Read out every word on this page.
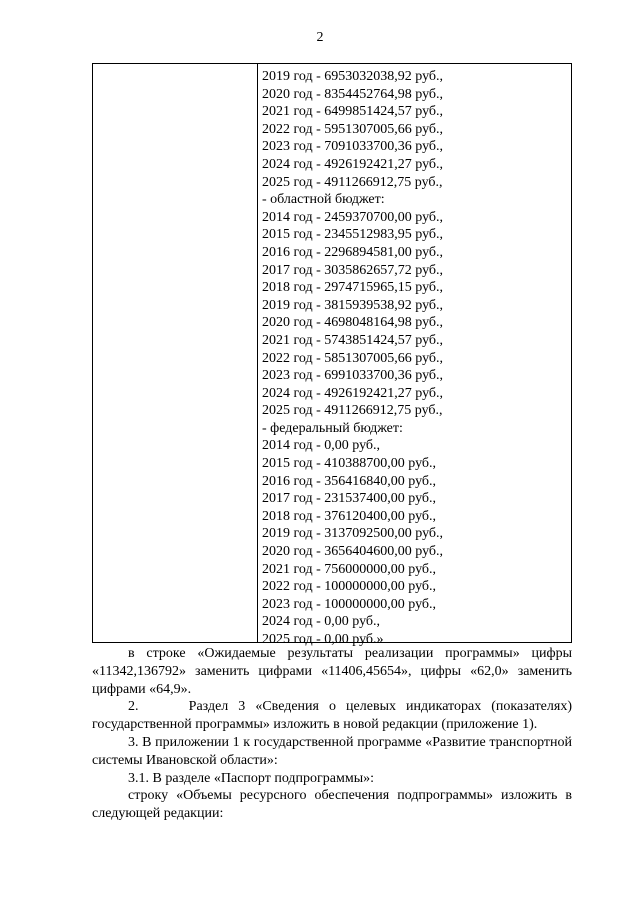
2
2019 год - 6953032038,92 руб.,
2020 год - 8354452764,98 руб.,
2021 год - 6499851424,57 руб.,
2022 год - 5951307005,66 руб.,
2023 год - 7091033700,36 руб.,
2024 год - 4926192421,27 руб.,
2025 год - 4911266912,75 руб.,
- областной бюджет:
2014 год - 2459370700,00 руб.,
2015 год - 2345512983,95 руб.,
2016 год - 2296894581,00 руб.,
2017 год - 3035862657,72 руб.,
2018 год - 2974715965,15 руб.,
2019 год - 3815939538,92 руб.,
2020 год - 4698048164,98 руб.,
2021 год - 5743851424,57 руб.,
2022 год - 5851307005,66 руб.,
2023 год - 6991033700,36 руб.,
2024 год - 4926192421,27 руб.,
2025 год - 4911266912,75 руб.,
- федеральный бюджет:
2014 год - 0,00 руб.,
2015 год - 410388700,00 руб.,
2016 год - 356416840,00 руб.,
2017 год - 231537400,00 руб.,
2018 год - 376120400,00 руб.,
2019 год - 3137092500,00 руб.,
2020 год - 3656404600,00 руб.,
2021 год - 756000000,00 руб.,
2022 год - 100000000,00 руб.,
2023 год - 100000000,00 руб.,
2024 год - 0,00 руб.,
2025 год - 0,00 руб.»

в строке «Ожидаемые результаты реализации программы» цифры «11342,136792» заменить цифрами «11406,45654», цифры «62,0» заменить цифрами «64,9».

2.     Раздел 3 «Сведения о целевых индикаторах (показателях) государственной программы» изложить в новой редакции (приложение 1).

3. В приложении 1 к государственной программе «Развитие транспортной системы Ивановской области»:

3.1. В разделе «Паспорт подпрограммы»:

строку «Объемы ресурсного обеспечения подпрограммы» изложить в следующей редакции:
